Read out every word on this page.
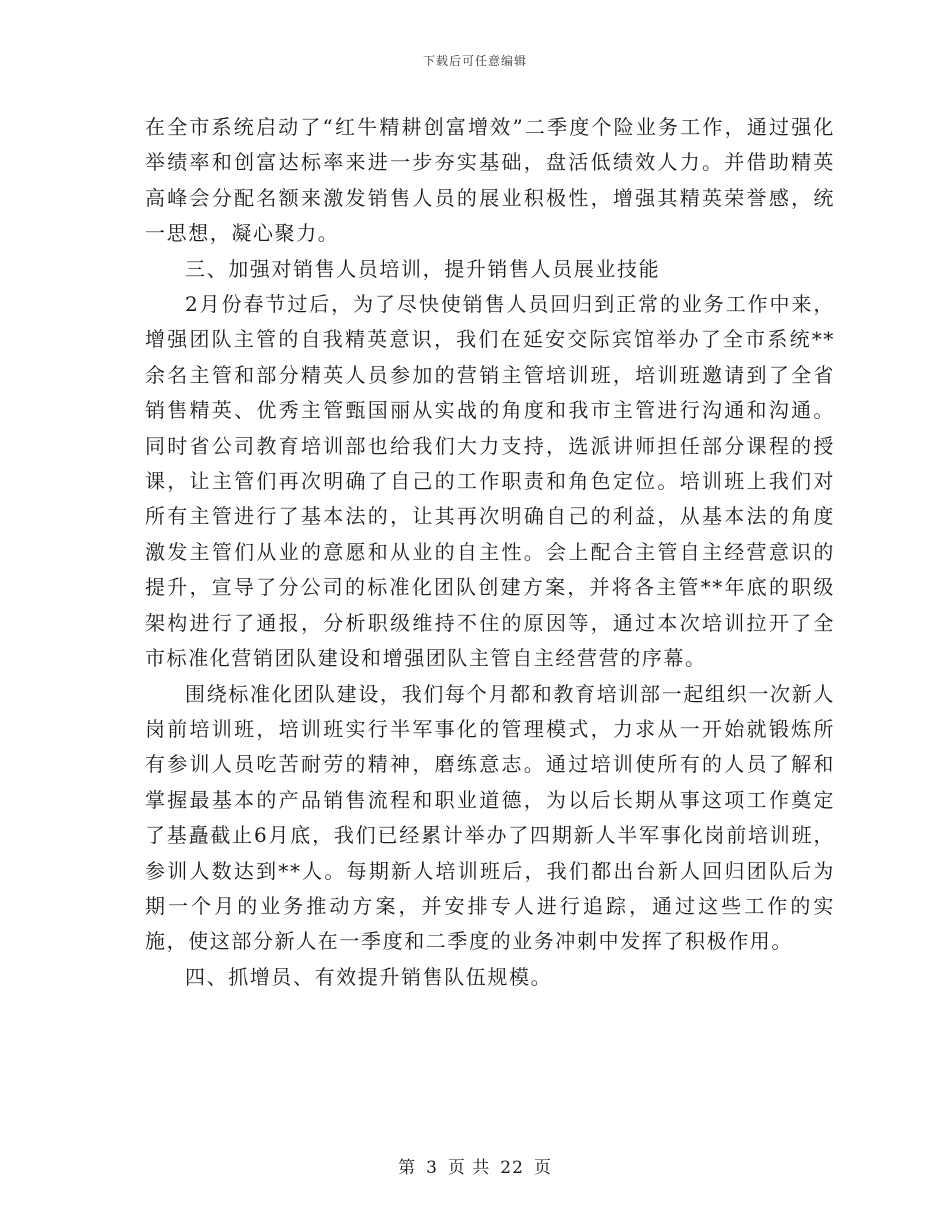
下载后可任意编辑

在全市系统启动了“红牛精耕创富增效”二季度个险业务工作，通过强化举绩率和创富达标率来进一步夯实基础，盘活低绩效人力。并借助精英高峰会分配名额来激发销售人员的展业积极性，增强其精英荣誉感，统一思想，凝心聚力。

三、加强对销售人员培训，提升销售人员展业技能

2月份春节过后，为了尽快使销售人员回归到正常的业务工作中来，增强团队主管的自我精英意识，我们在延安交际宾馆举办了全市系统**余名主管和部分精英人员参加的营销主管培训班，培训班邀请到了全省销售精英、优秀主管甄国丽从实战的角度和我市主管进行沟通和沟通。同时省公司教育培训部也给我们大力支持，选派讲师担任部分课程的授课，让主管们再次明确了自己的工作职责和角色定位。培训班上我们对所有主管进行了基本法的，让其再次明确自己的利益，从基本法的角度激发主管们从业的意愿和从业的自主性。会上配合主管自主经营意识的提升，宣导了分公司的标准化团队创建方案，并将各主管**年底的职级架构进行了通报，分析职级维持不住的原因等，通过本次培训拉开了全市标准化营销团队建设和增强团队主管自主经营营的序幕。

围绕标准化团队建设，我们每个月都和教育培训部一起组织一次新人岗前培训班，培训班实行半军事化的管理模式，力求从一开始就锻炼所有参训人员吃苦耐劳的精神，磨练意志。通过培训使所有的人员了解和掌握最基本的产品销售流程和职业道德，为以后长期从事这项工作奠定了基矗截止6月底，我们已经累计举办了四期新人半军事化岗前培训班，参训人数达到**人。每期新人培训班后，我们都出台新人回归团队后为期一个月的业务推动方案，并安排专人进行追踪，通过这些工作的实施，使这部分新人在一季度和二季度的业务冲刺中发挥了积极作用。

四、抓增员、有效提升销售队伍规模。

第 3 页 共 22 页
